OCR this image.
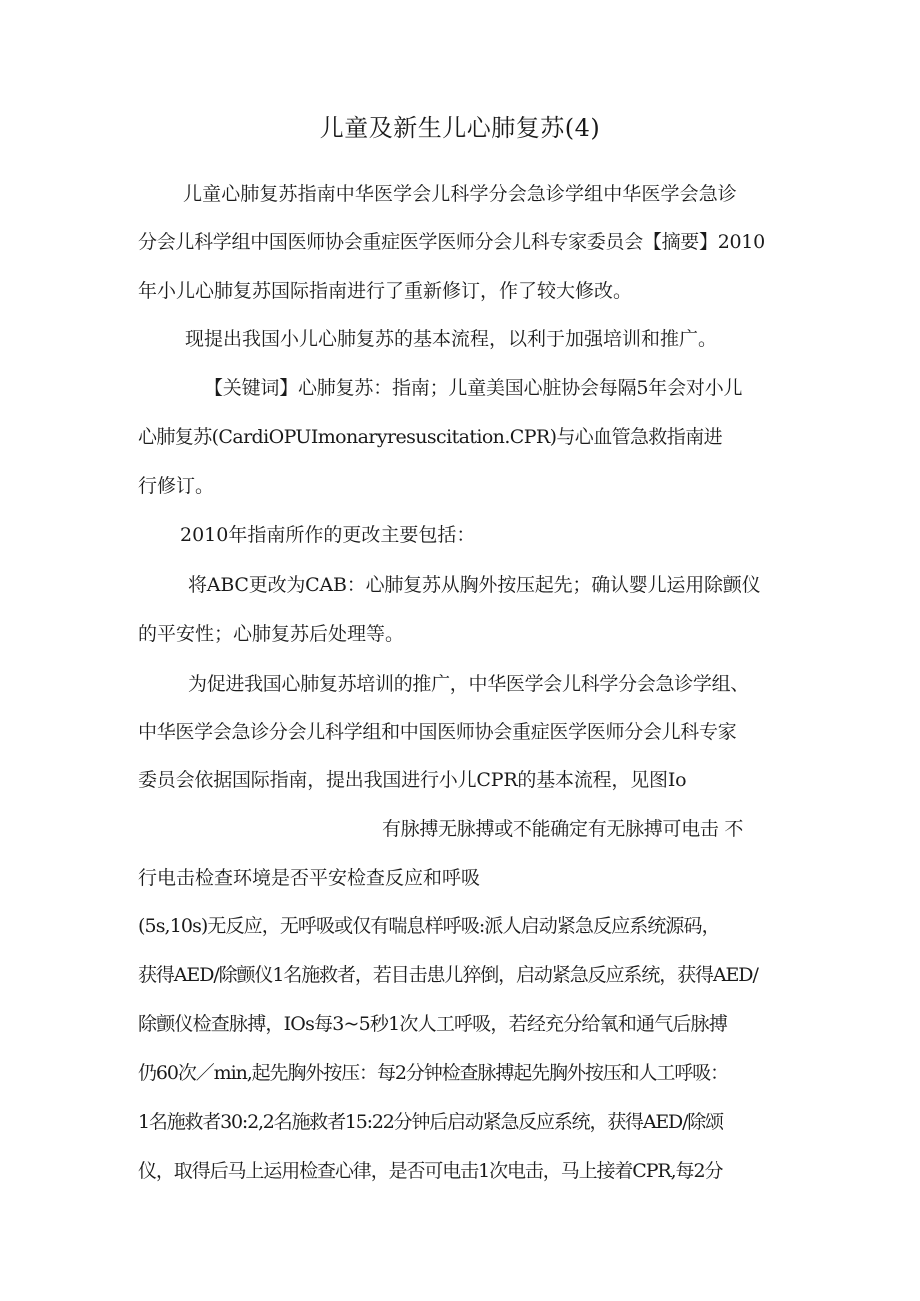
儿童及新生儿心肺复苏(4)
儿童心肺复苏指南中华医学会儿科学分会急诊学组中华医学会急诊
分会儿科学组中国医师协会重症医学医师分会儿科专家委员会【摘要】2010
年小儿心肺复苏国际指南进行了重新修订，作了较大修改。
现提出我国小儿心肺复苏的基本流程，以利于加强培训和推广。
【关键词】心肺复苏：指南；儿童美国心脏协会每隔5年会对小儿
心肺复苏(CardiOPUImonaryresuscitation.CPR)与心血管急救指南进
行修订。
2010年指南所作的更改主要包括：
将ABC更改为CAB：心肺复苏从胸外按压起先；确认婴儿运用除颤仪
的平安性；心肺复苏后处理等。
为促进我国心肺复苏培训的推广，中华医学会儿科学分会急诊学组、
中华医学会急诊分会儿科学组和中国医师协会重症医学医师分会儿科专家
委员会依据国际指南，提出我国进行小儿CPR的基本流程，见图Io
有脉搏无脉搏或不能确定有无脉搏可电击 不
行电击检查环境是否平安检查反应和呼吸
(5s,10s)无反应，无呼吸或仅有喘息样呼吸:派人启动紧急反应系统源码，
获得AED/除颤仪1名施救者，若目击患儿猝倒，启动紧急反应系统，获得AED/
除颤仪检查脉搏，IOs每3~5秒1次人工呼吸，若经充分给氧和通气后脉搏
仍60次／min,起先胸外按压：每2分钟检查脉搏起先胸外按压和人工呼吸：
1名施救者30:2,2名施救者15:22分钟后启动紧急反应系统，获得AED/除颂
仪，取得后马上运用检查心律，是否可电击1次电击，马上接着CPR,每2分
